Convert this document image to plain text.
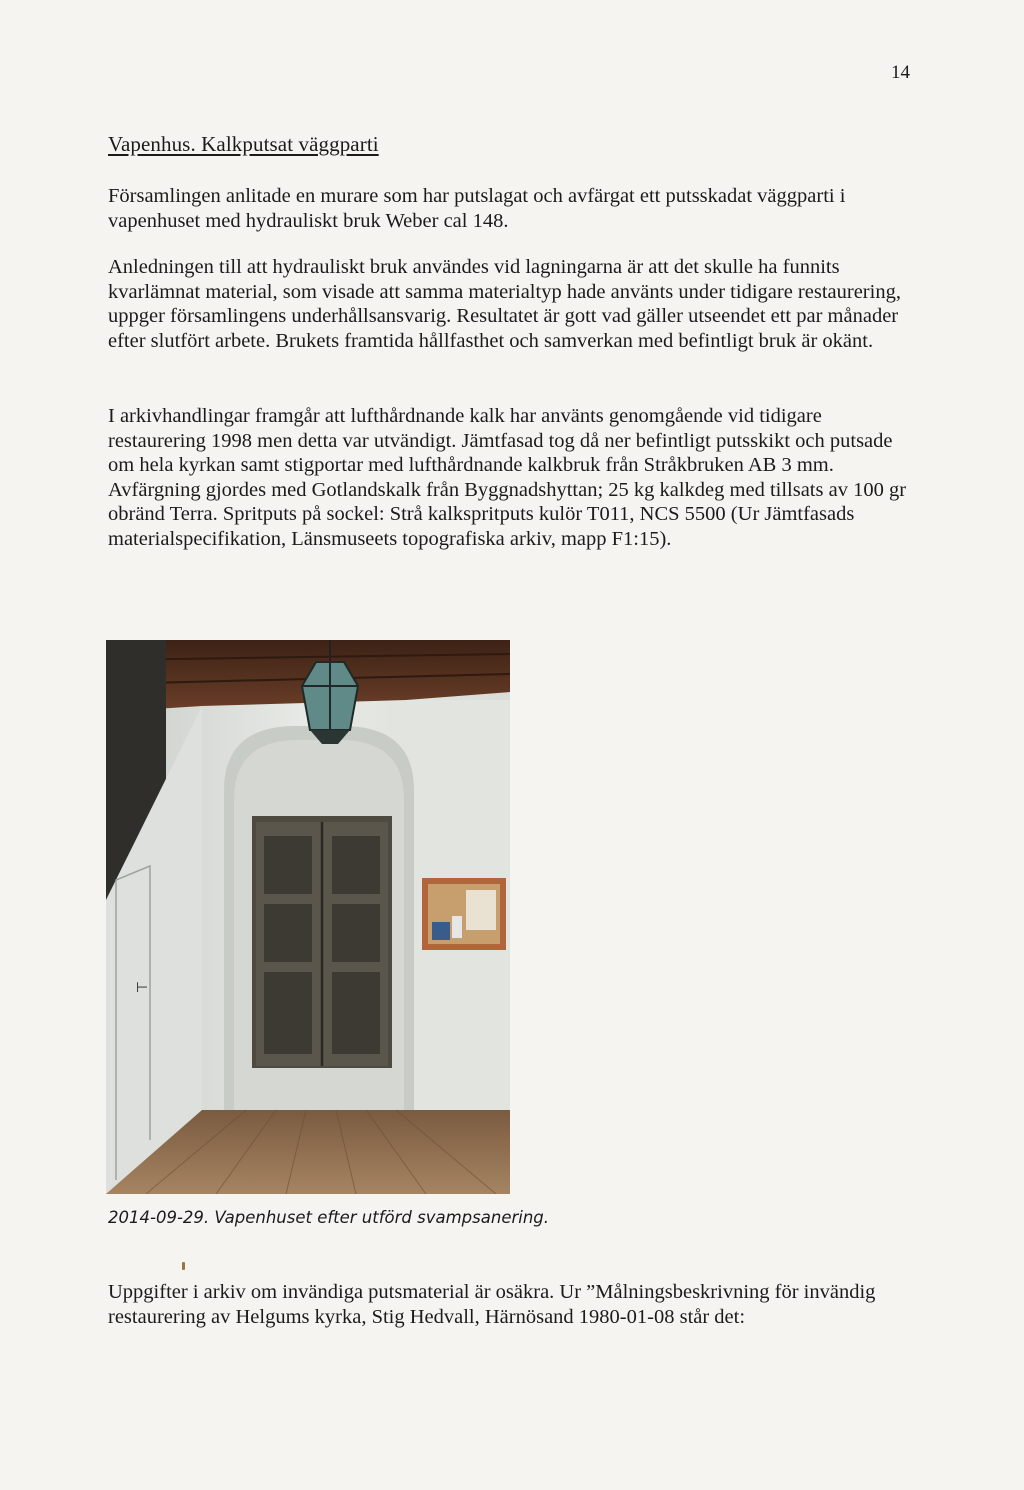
14
Vapenhus. Kalkputsat väggparti

Församlingen anlitade en murare som har putslagat och avfärgat ett putsskadat väggparti i vapenhuset med hydrauliskt bruk Weber cal 148.

Anledningen till att hydrauliskt bruk användes vid lagningarna är att det skulle ha funnits kvarlämnat material, som visade att samma materialtyp hade använts under tidigare restaurering, uppger församlingens underhållsansvarig. Resultatet är gott vad gäller utseendet ett par månader efter slutfört arbete. Brukets framtida hållfasthet och samverkan med befintligt bruk är okänt.

I arkivhandlingar framgår att lufthårdnande kalk har använts genomgående vid tidigare restaurering 1998 men detta var utvändigt. Jämtfasad tog då ner befintligt putsskikt och putsade om hela kyrkan samt stigportar med lufthårdnande kalkbruk från Stråkbruken AB 3 mm. Avfärgning gjordes med Gotlandskalk från Byggnadshyttan; 25 kg kalkdeg med tillsats av 100 gr obränd Terra. Spritputs på sockel: Strå kalkspritputs kulör T011, NCS 5500 (Ur Jämtfasads materialspecifikation, Länsmuseets topografiska arkiv, mapp F1:15).

⊢
2014-09-29. Vapenhuset efter utförd svampsanering.

Uppgifter i arkiv om invändiga putsmaterial är osäkra. Ur ”Målningsbeskrivning för invändig restaurering av Helgums kyrka, Stig Hedvall, Härnösand 1980-01-08 står det:
